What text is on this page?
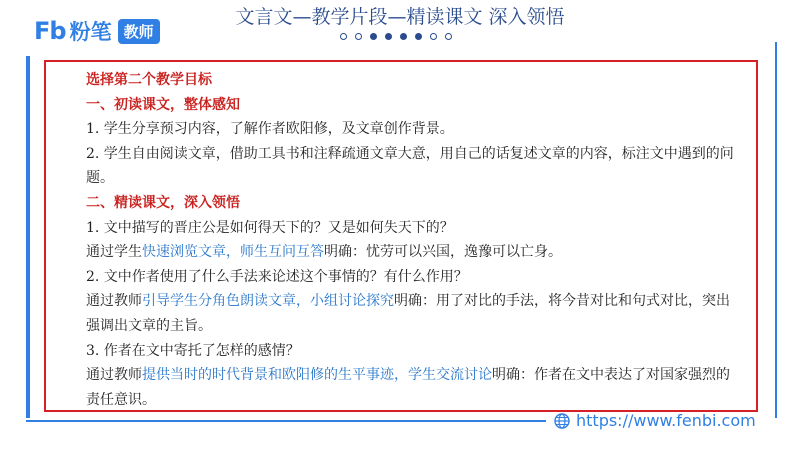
Fb 粉笔 教师
文言文—教学片段—精读课文 深入领悟

选择第二个教学目标

一、初读课文，整体感知

1. 学生分享预习内容，了解作者欧阳修，及文章创作背景。

2. 学生自由阅读文章，借助工具书和注释疏通文章大意，用自己的话复述文章的内容，标注文中遇到的问题。

二、精读课文，深入领悟

1. 文中描写的晋庄公是如何得天下的？又是如何失天下的？

通过学生快速浏览文章，师生互问互答明确：忧劳可以兴国，逸豫可以亡身。

2. 文中作者使用了什么手法来论述这个事情的？有什么作用？

通过教师引导学生分角色朗读文章，小组讨论探究明确：用了对比的手法，将今昔对比和句式对比，突出强调出文章的主旨。

3. 作者在文中寄托了怎样的感情？

通过教师提供当时的时代背景和欧阳修的生平事迹，学生交流讨论明确：作者在文中表达了对国家强烈的责任意识。

https://www.fenbi.com
